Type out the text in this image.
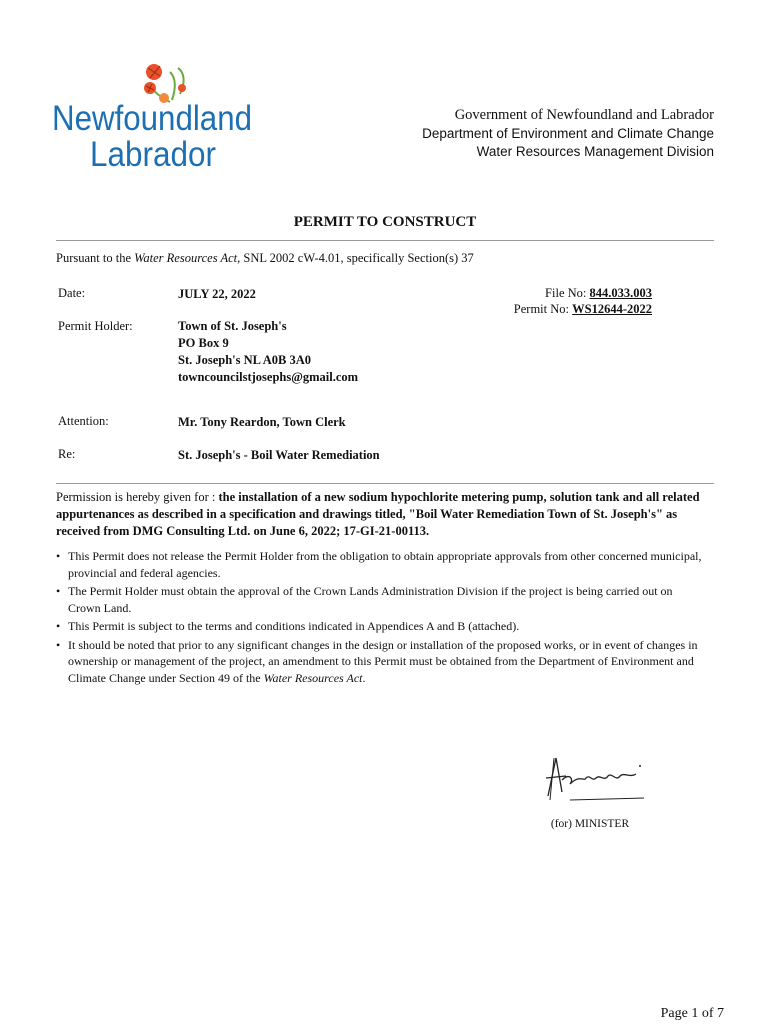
Newfoundland
Labrador
Government of Newfoundland and Labrador
Department of Environment and Climate Change
Water Resources Management Division
PERMIT TO CONSTRUCT
Pursuant to the Water Resources Act, SNL 2002 cW-4.01, specifically Section(s) 37
Date:	JULY 22, 2022	File No: 844.033.003
Permit No: WS12644-2022
Permit Holder:	Town of St. Joseph's
PO Box 9
St. Joseph's NL A0B 3A0
towncouncilstjosephs@gmail.com
Attention:	Mr. Tony Reardon, Town Clerk
Re:	St. Joseph's - Boil Water Remediation
Permission is hereby given for : the installation of a new sodium hypochlorite metering pump, solution tank and all related appurtenances as described in a specification and drawings titled, "Boil Water Remediation Town of St. Joseph's" as received from DMG Consulting Ltd. on June 6, 2022; 17-GI-21-00113.
• This Permit does not release the Permit Holder from the obligation to obtain appropriate approvals from other concerned municipal, provincial and federal agencies.
• The Permit Holder must obtain the approval of the Crown Lands Administration Division if the project is being carried out on Crown Land.
• This Permit is subject to the terms and conditions indicated in Appendices A and B (attached).
• It should be noted that prior to any significant changes in the design or installation of the proposed works, or in event of changes in ownership or management of the project, an amendment to this Permit must be obtained from the Department of Environment and Climate Change under Section 49 of the Water Resources Act.
(for) MINISTER
Page 1 of 7
